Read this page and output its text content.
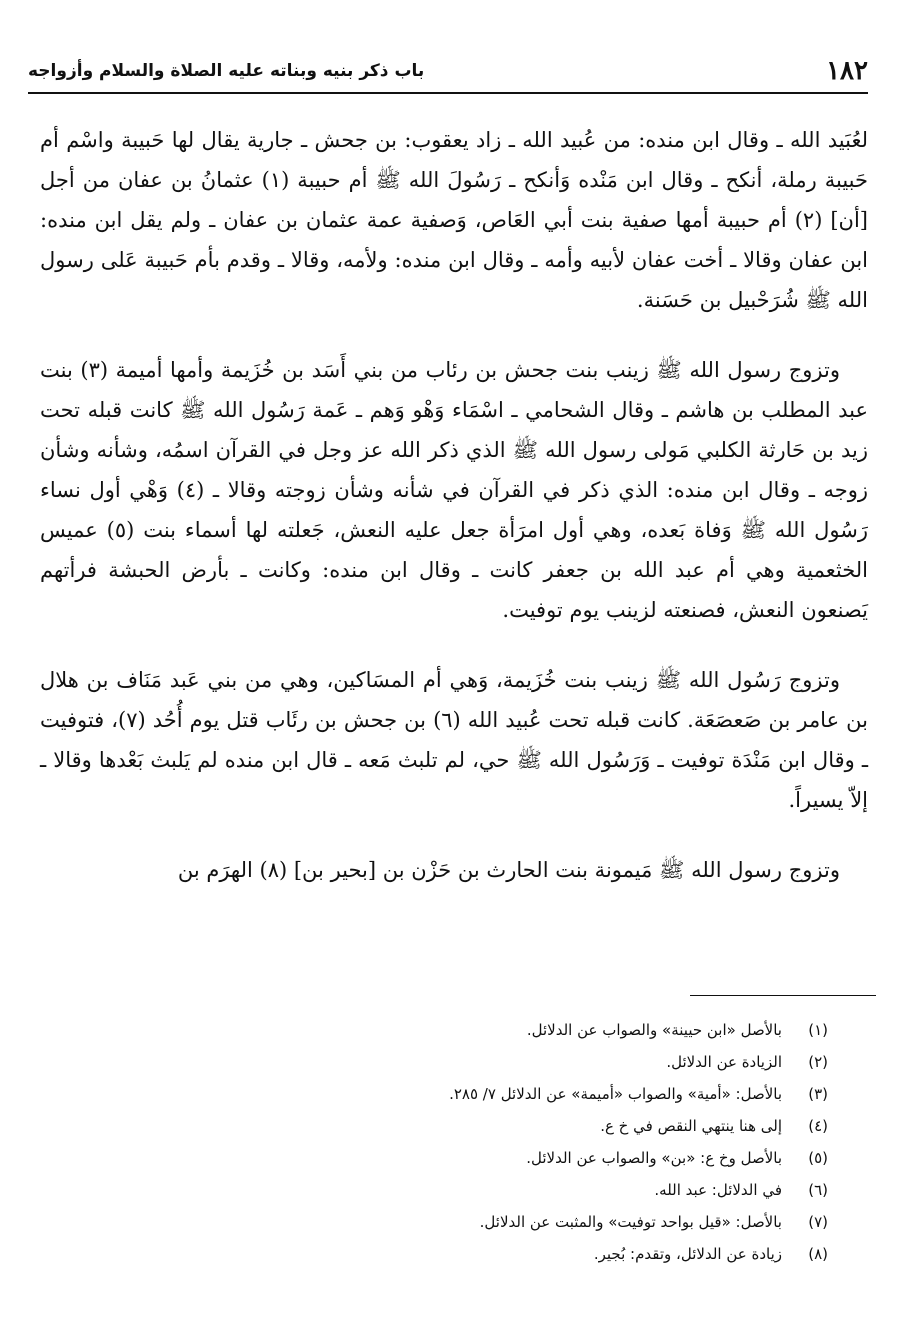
١٨٢
باب ذكر بنيه وبناته عليه الصلاة والسلام وأزواجه

لعُبَيد الله ـ وقال ابن منده: من عُبيد الله ـ زاد يعقوب: بن جحش ـ جارية يقال لها حَبيبة واسْم أم حَبيبة رملة، أنكح ـ وقال ابن مَنْده وَأنكح ـ رَسُولَ الله ﷺ أم حبيبة (١) عثمانُ بن عفان من أجل [أن] (٢) أم حبيبة أمها صفية بنت أبي العَاص، وَصفية عمة عثمان بن عفان ـ ولم يقل ابن منده: ابن عفان وقالا ـ أخت عفان لأبيه وأمه ـ وقال ابن منده: ولأمه، وقالا ـ وقدم بأم حَبيبة عَلى رسول الله ﷺ شُرَحْبيل بن حَسَنة.

وتزوج رسول الله ﷺ زينب بنت جحش بن رئاب من بني أَسَد بن خُزَيمة وأمها أميمة (٣) بنت عبد المطلب بن هاشم ـ وقال الشحامي ـ اسْمَاء وَهْو وَهم ـ عَمة رَسُول الله ﷺ كانت قبله تحت زيد بن حَارثة الكلبي مَولى رسول الله ﷺ الذي ذكر الله عز وجل في القرآن اسمُه، وشأنه وشأن زوجه ـ وقال ابن منده: الذي ذكر في القرآن في شأنه وشأن زوجته وقالا ـ (٤) وَهْي أول نساء رَسُول الله ﷺ وَفاة بَعده، وهي أول امرَأة جعل عليه النعش، جَعلته لها أسماء بنت (٥) عميس الخثعمية وهي أم عبد الله بن جعفر كانت ـ وقال ابن منده: وكانت ـ بأرض الحبشة فرأتهم يَصنعون النعش، فصنعته لزينب يوم توفيت.

وتزوج رَسُول الله ﷺ زينب بنت خُزَيمة، وَهي أم المسَاكين، وهي من بني عَبد مَنَاف بن هلال بن عامر بن صَعصَعَة. كانت قبله تحت عُبيد الله (٦) بن جحش بن رئَاب قتل يوم أُحُد (٧)، فتوفيت ـ وقال ابن مَنْدَة توفيت ـ وَرَسُول الله ﷺ حي، لم تلبث مَعه ـ قال ابن منده لم يَلبث بَعْدها وقالا ـ إلاّ يسيراً.

وتزوج رسول الله ﷺ مَيمونة بنت الحارث بن حَزْن بن [بحير بن] (٨) الهرَم بن

(١)
بالأصل «ابن حيينة» والصواب عن الدلائل.
(٢)
الزيادة عن الدلائل.
(٣)
بالأصل: «أمية» والصواب «أميمة» عن الدلائل ٧/ ٢٨٥.
(٤)
إلى هنا ينتهي النقص في خ ع.
(٥)
بالأصل وخ ع: «بن» والصواب عن الدلائل.
(٦)
في الدلائل: عبد الله.
(٧)
بالأصل: «قيل بواحد توفيت» والمثبت عن الدلائل.
(٨)
زيادة عن الدلائل، وتقدم: بُجير.
